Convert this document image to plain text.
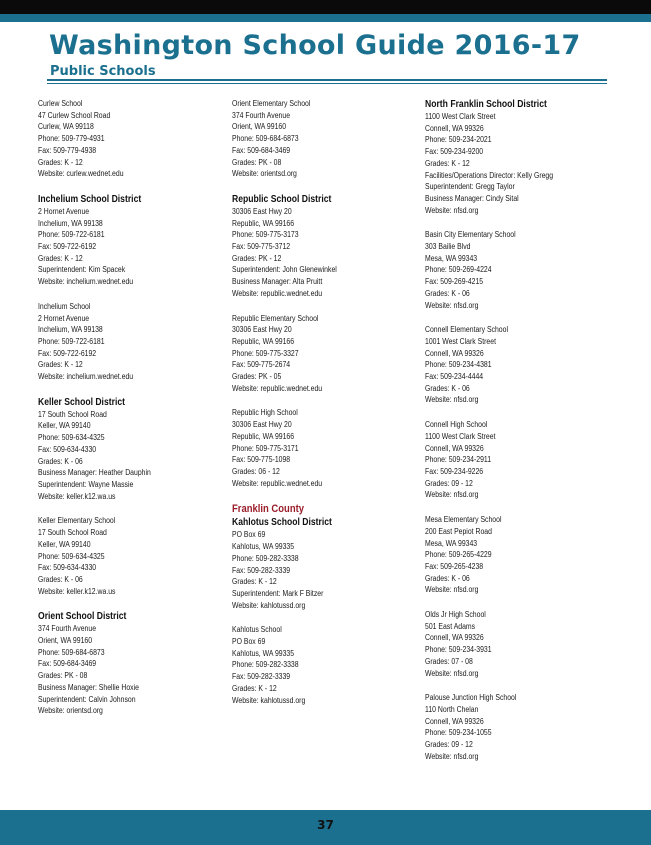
Washington School Guide 2016-17
Public Schools
Curlew School
47 Curlew School Road
Curlew, WA 99118
Phone: 509-779-4931
Fax: 509-779-4938
Grades: K - 12
Website: curlew.wednet.edu
Inchelium School District
2 Hornet Avenue
Inchelium, WA 99138
Phone: 509-722-6181
Fax: 509-722-6192
Grades: K - 12
Superintendent: Kim Spacek
Website: inchelium.wednet.edu
Inchelium School
2 Hornet Avenue
Inchelium, WA 99138
Phone: 509-722-6181
Fax: 509-722-6192
Grades: K - 12
Website: inchelium.wednet.edu
Keller School District
17 South School Road
Keller, WA 99140
Phone: 509-634-4325
Fax: 509-634-4330
Grades: K - 06
Business Manager: Heather Dauphin
Superintendent: Wayne Massie
Website: keller.k12.wa.us
Keller Elementary School
17 South School Road
Keller, WA 99140
Phone: 509-634-4325
Fax: 509-634-4330
Grades: K - 06
Website: keller.k12.wa.us
Orient School District
374 Fourth Avenue
Orient, WA 99160
Phone: 509-684-6873
Fax: 509-684-3469
Grades: PK - 08
Business Manager: Shellie Hoxie
Superintendent: Calvin Johnson
Website: orientsd.org
Orient Elementary School
374 Fourth Avenue
Orient, WA 99160
Phone: 509-684-6873
Fax: 509-684-3469
Grades: PK - 08
Website: orientsd.org
Republic School District
30306 East Hwy 20
Republic, WA 99166
Phone: 509-775-3173
Fax: 509-775-3712
Grades: PK - 12
Superintendent: John Glenewinkel
Business Manager: Alta Pruitt
Website: republic.wednet.edu
Republic Elementary School
30306 East Hwy 20
Republic, WA 99166
Phone: 509-775-3327
Fax: 509-775-2674
Grades: PK - 05
Website: republic.wednet.edu
Republic High School
30306 East Hwy 20
Republic, WA 99166
Phone: 509-775-3171
Fax: 509-775-1098
Grades: 06 - 12
Website: republic.wednet.edu
Franklin County
Kahlotus School District
PO Box 69
Kahlotus, WA 99335
Phone: 509-282-3338
Fax: 509-282-3339
Grades: K - 12
Superintendent: Mark F Bitzer
Website: kahlotussd.org
Kahlotus School
PO Box 69
Kahlotus, WA 99335
Phone: 509-282-3338
Fax: 509-282-3339
Grades: K - 12
Website: kahlotussd.org
North Franklin School District
1100 West Clark Street
Connell, WA 99326
Phone: 509-234-2021
Fax: 509-234-9200
Grades: K - 12
Facilities/Operations Director: Kelly Gregg
Superintendent: Gregg Taylor
Business Manager: Cindy Sital
Website: nfsd.org
Basin City Elementary School
303 Bailie Blvd
Mesa, WA 99343
Phone: 509-269-4224
Fax: 509-269-4215
Grades: K - 06
Website: nfsd.org
Connell Elementary School
1001 West Clark Street
Connell, WA 99326
Phone: 509-234-4381
Fax: 509-234-4444
Grades: K - 06
Website: nfsd.org
Connell High School
1100 West Clark Street
Connell, WA 99326
Phone: 509-234-2911
Fax: 509-234-9226
Grades: 09 - 12
Website: nfsd.org
Mesa Elementary School
200 East Pepiot Road
Mesa, WA 99343
Phone: 509-265-4229
Fax: 509-265-4238
Grades: K - 06
Website: nfsd.org
Olds Jr High School
501 East Adams
Connell, WA 99326
Phone: 509-234-3931
Grades: 07 - 08
Website: nfsd.org
Palouse Junction High School
110 North Chelan
Connell, WA 99326
Phone: 509-234-1055
Grades: 09 - 12
Website: nfsd.org
37
